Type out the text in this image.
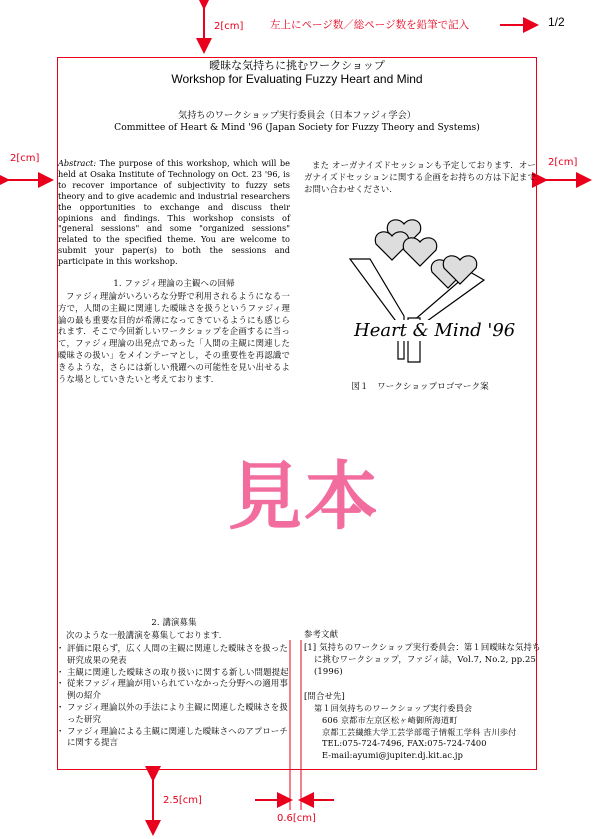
2[cm]	左上にページ数／総ページ数を鉛筆で記入	1/2
2[cm]	2[cm]
2.5[cm]
0.6[cm]
曖昧な気持ちに挑むワークショップ
Workshop for Evaluating Fuzzy Heart and Mind
気持ちのワークショップ実行委員会（日本ファジィ学会）
Committee of Heart & Mind '96 (Japan Society for Fuzzy Theory and Systems)
Abstract: The purpose of this workshop, which will be held at Osaka Institute of Technology on Oct. 23 '96, is to recover importance of subjectivity to fuzzy sets theory and to give academic and industrial researchers the opportunities to exchange and discuss their opinions and findings. This workshop consists of "general sessions" and some "organized sessions" related to the specified theme. You are welcome to submit your paper(s) to both the sessions and participate in this workshop.
1. ファジィ理論の主観への回帰
ファジィ理論がいろいろな分野で利用されるようになる一方で，人間の主観に関連した曖昧さを扱うというファジィ理論の最も重要な目的が希薄になってきているようにも感じられます．そこで今回新しいワークショップを企画するに当って，ファジィ理論の出発点であった「人間の主観に関連した曖昧さの扱い」をメインテーマとし，その重要性を再認識できるような，さらには新しい飛躍への可能性を見い出せるような場としていきたいと考えております．
また オーガナイズドセッションも予定しております．オーガナイズドセッションに関する企画をお持ちの方は下記までお問い合わせください．
Heart & Mind '96
図１　ワークショップロゴマーク案
見本
2. 講演募集
次のような一般講演を募集しております．
・ 評価に限らず，広く人間の主観に関連した曖昧さを扱った研究成果の発表
・ 主観に関連した曖昧さの取り扱いに関する新しい問題提起
・ 従来ファジィ理論が用いられていなかった分野への適用事例の紹介
・ ファジィ理論以外の手法により主観に関連した曖昧さを扱った研究
・ ファジィ理論による主観に関連した曖昧さへのアプローチに関する提言
参考文献
[1] 気持ちのワークショップ実行委員会：第１回曖昧な気持ちに挑むワークショップ，ファジィ誌，Vol.7, No.2, pp.25 (1996)
[問合せ先]
第１回気持ちのワークショップ実行委員会
606 京都市左京区松ヶ崎御所海道町
京都工芸繊維大学工芸学部電子情報工学科 吉川歩付
TEL:075-724-7496, FAX:075-724-7400
E-mail:ayumi@jupiter.dj.kit.ac.jp
